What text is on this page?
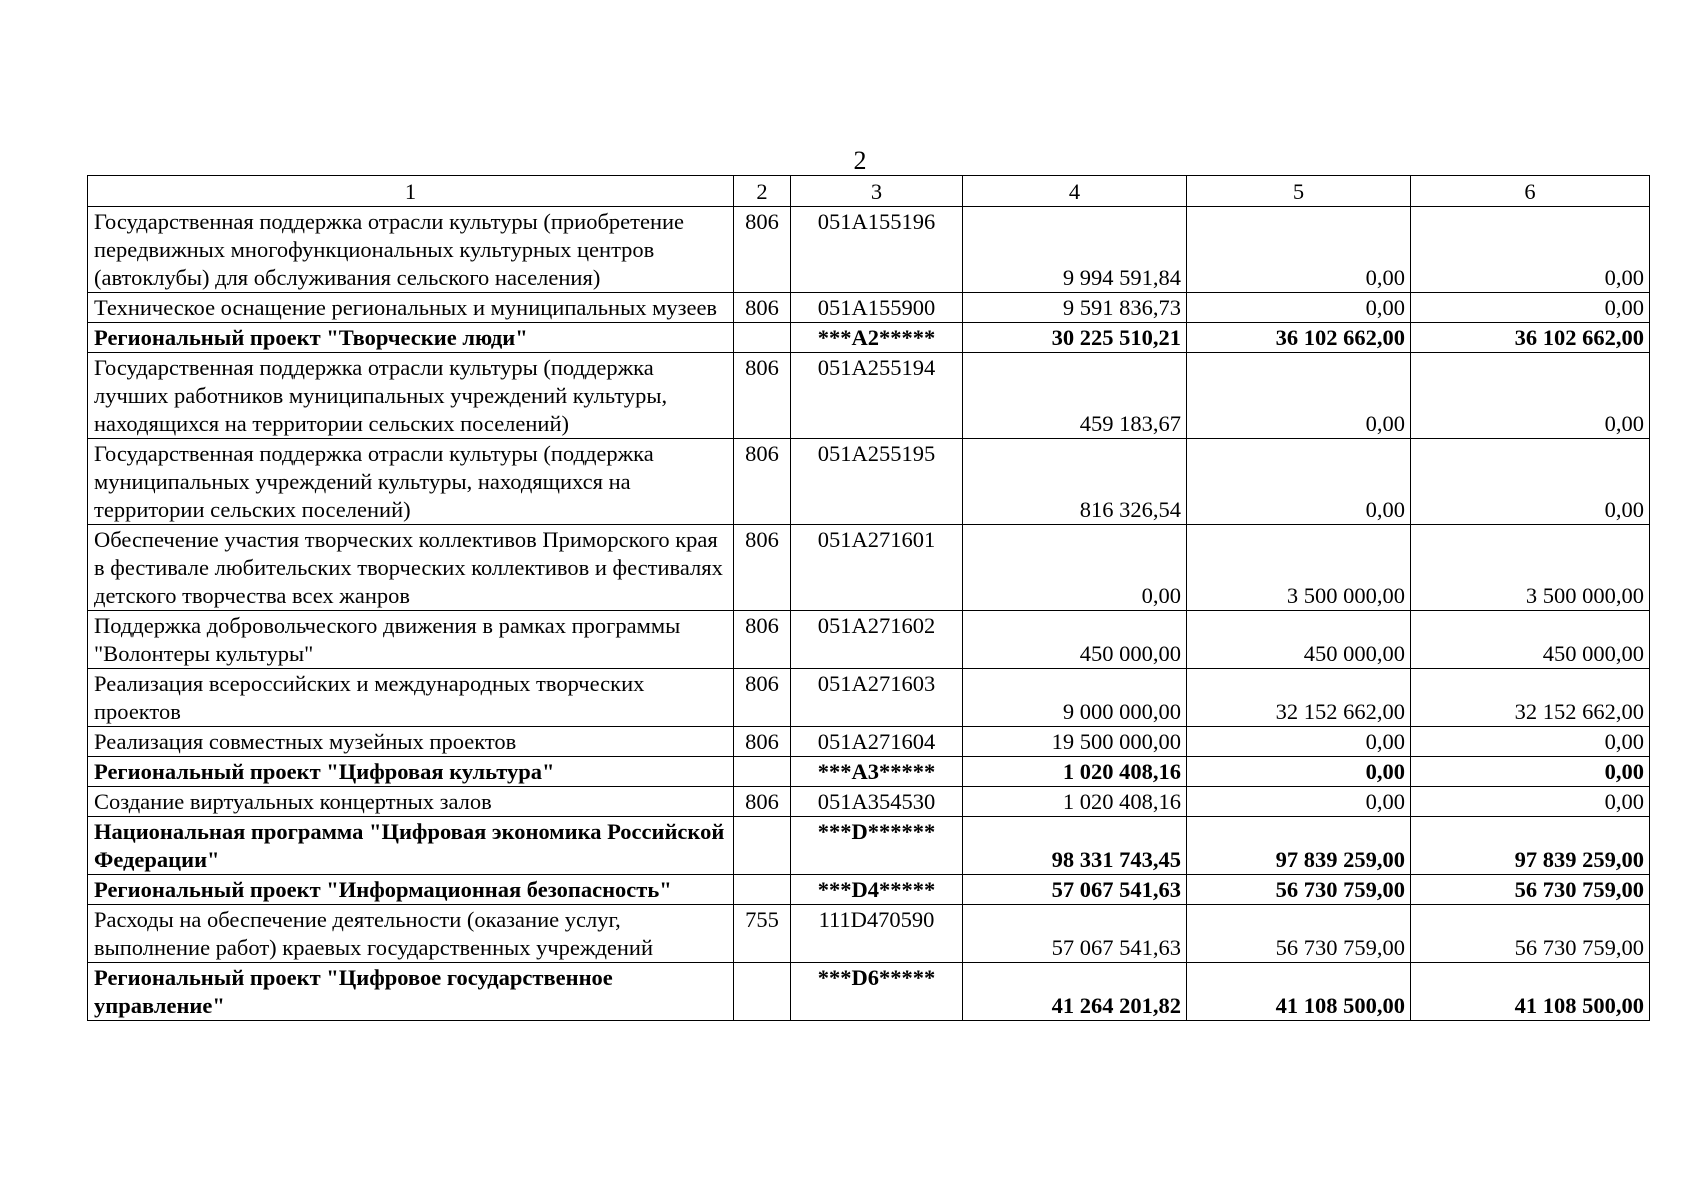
2
1	2	3	4	5	6
Государственная поддержка отрасли культуры (приобретение передвижных многофункциональных культурных центров (автоклубы) для обслуживания сельского населения)	806	051A155196	9 994 591,84	0,00	0,00
Техническое оснащение региональных и муниципальных музеев	806	051A155900	9 591 836,73	0,00	0,00
Региональный проект "Творческие люди"		***A2*****	30 225 510,21	36 102 662,00	36 102 662,00
Государственная поддержка отрасли культуры (поддержка лучших работников муниципальных учреждений культуры, находящихся на территории сельских поселений)	806	051A255194	459 183,67	0,00	0,00
Государственная поддержка отрасли культуры (поддержка муниципальных учреждений культуры, находящихся на территории сельских поселений)	806	051A255195	816 326,54	0,00	0,00
Обеспечение участия творческих коллективов Приморского края в фестивале любительских творческих коллективов и фестивалях детского творчества всех жанров	806	051A271601	0,00	3 500 000,00	3 500 000,00
Поддержка добровольческого движения в рамках программы "Волонтеры культуры"	806	051A271602	450 000,00	450 000,00	450 000,00
Реализация всероссийских и международных творческих проектов	806	051A271603	9 000 000,00	32 152 662,00	32 152 662,00
Реализация совместных музейных проектов	806	051A271604	19 500 000,00	0,00	0,00
Региональный проект "Цифровая культура"		***A3*****	1 020 408,16	0,00	0,00
Создание виртуальных концертных залов	806	051A354530	1 020 408,16	0,00	0,00
Национальная программа "Цифровая экономика Российской Федерации"		***D******	98 331 743,45	97 839 259,00	97 839 259,00
Региональный проект "Информационная безопасность"		***D4*****	57 067 541,63	56 730 759,00	56 730 759,00
Расходы на обеспечение деятельности (оказание услуг, выполнение работ) краевых государственных учреждений	755	111D470590	57 067 541,63	56 730 759,00	56 730 759,00
Региональный проект "Цифровое государственное управление"		***D6*****	41 264 201,82	41 108 500,00	41 108 500,00
